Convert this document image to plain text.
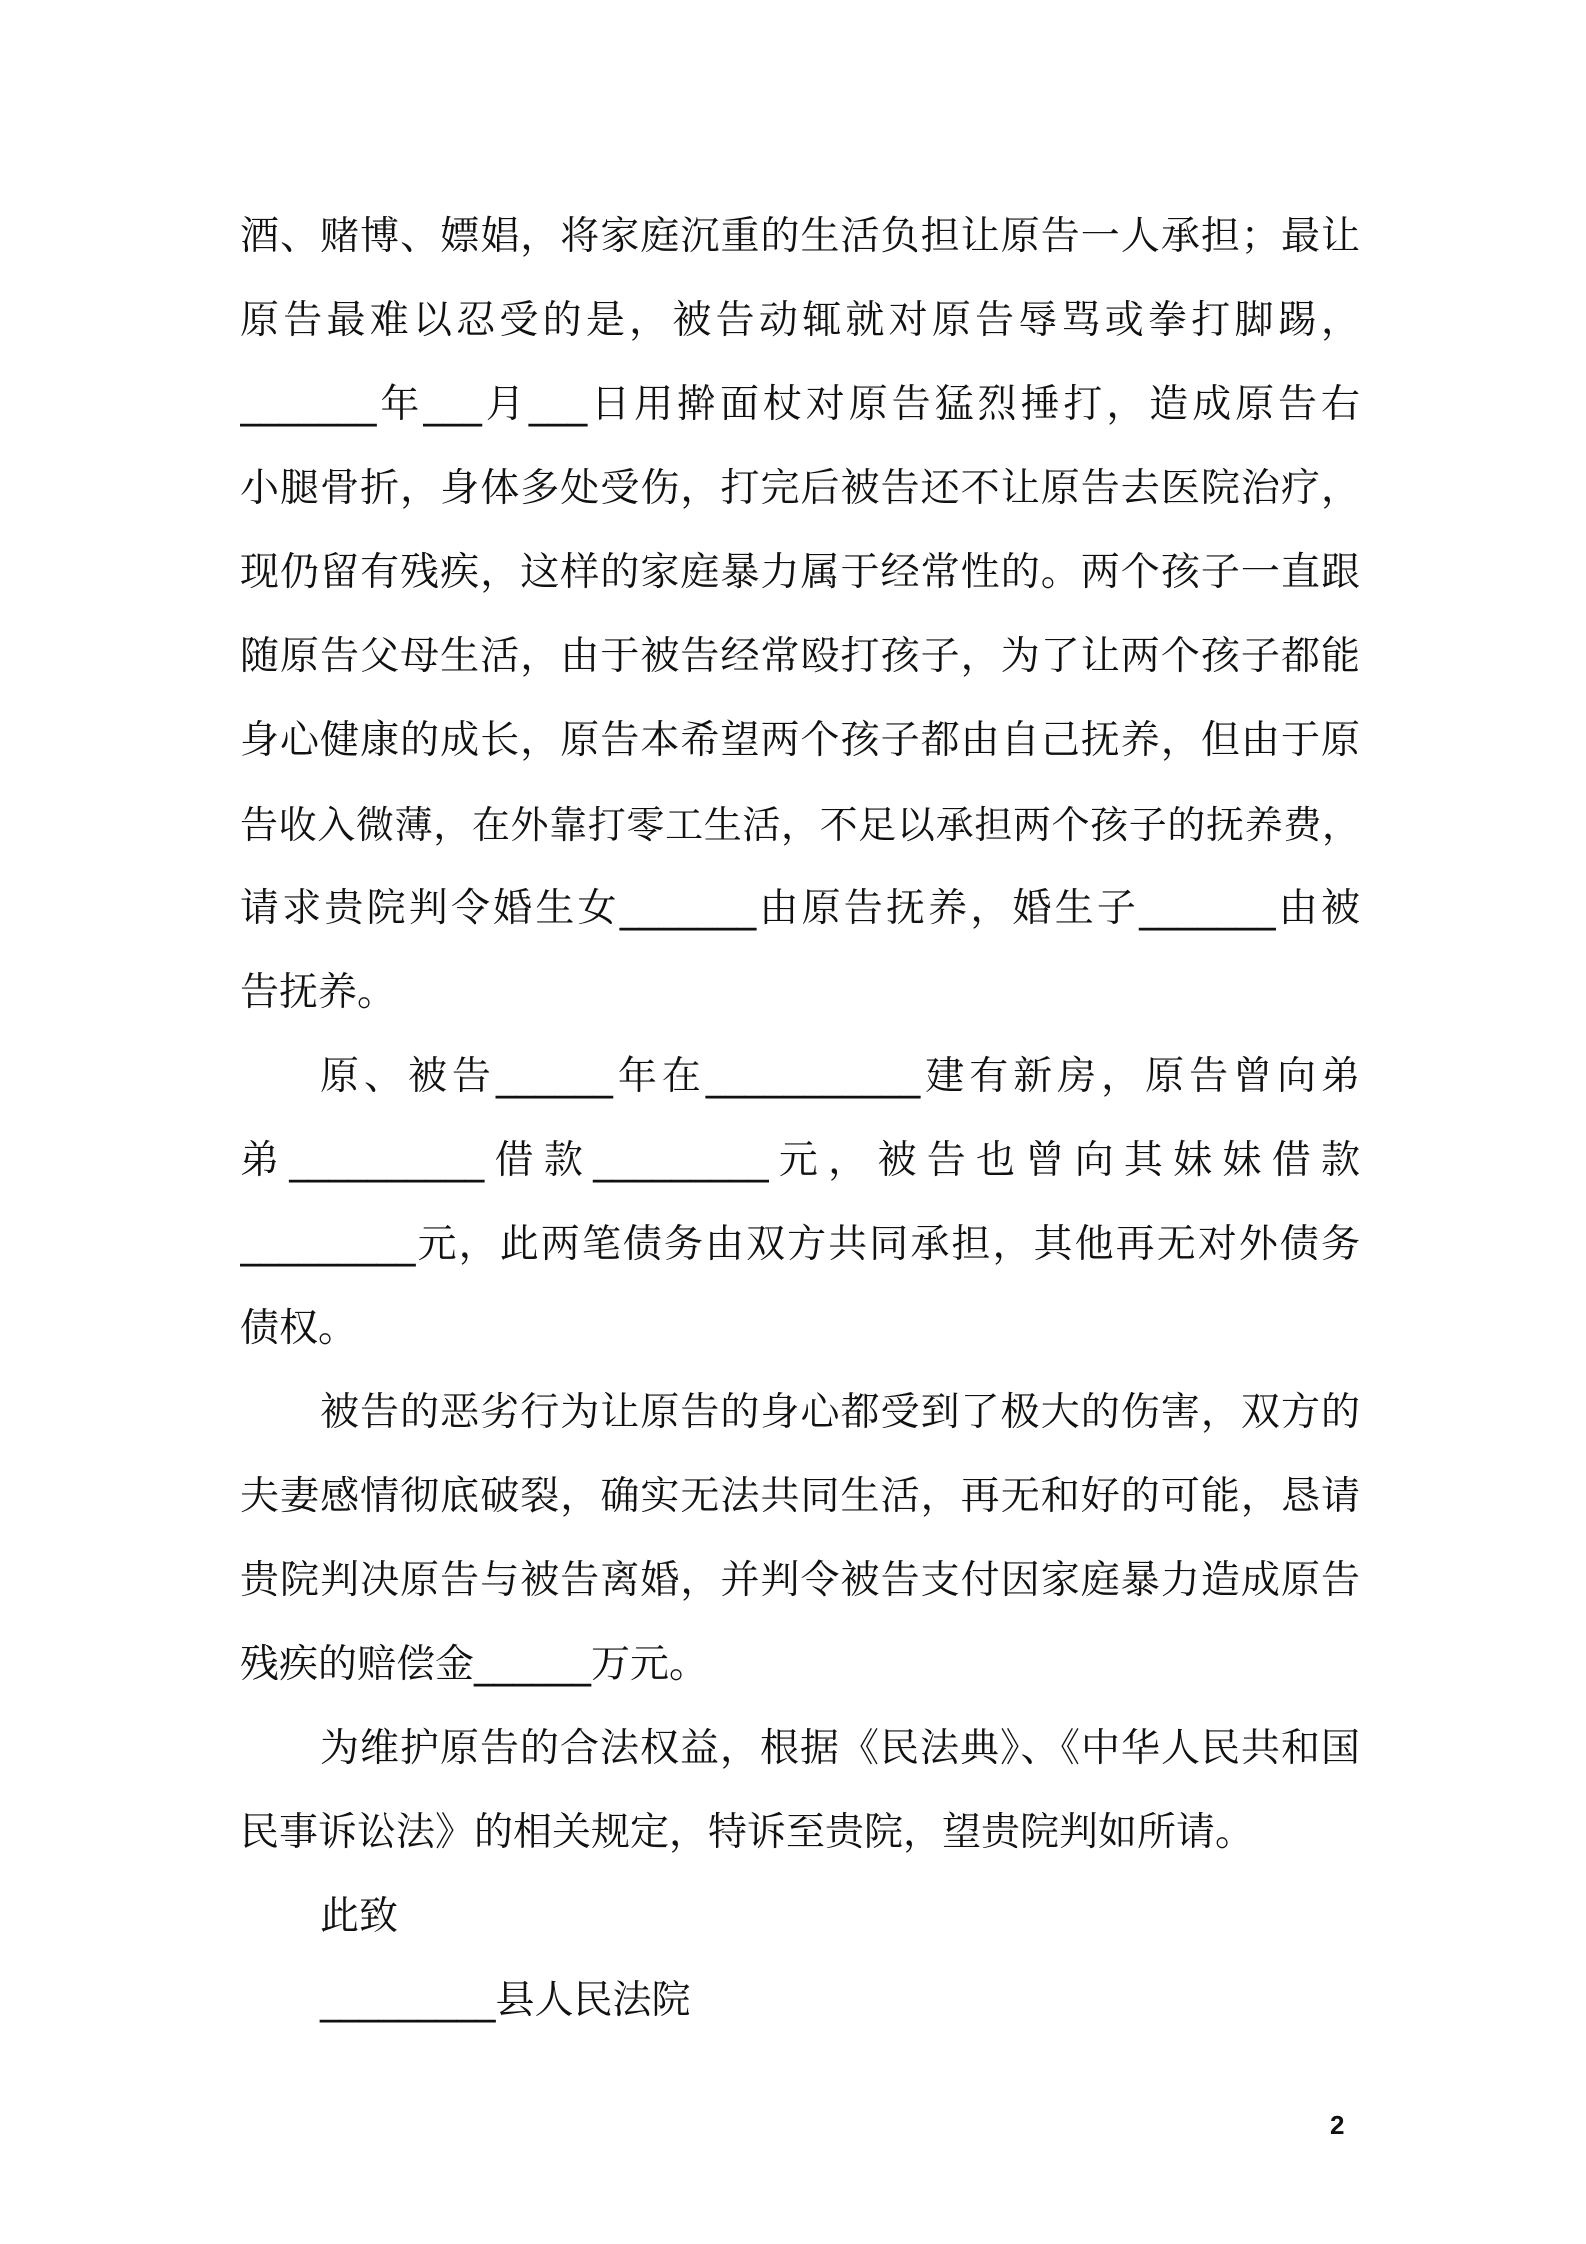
酒、赌博、嫖娼，将家庭沉重的生活负担让原告一人承担；最让
原告最难以忍受的是，被告动辄就对原告辱骂或拳打脚踢，
_______年___月___日用擀面杖对原告猛烈捶打，造成原告右
小腿骨折，身体多处受伤，打完后被告还不让原告去医院治疗，
现仍留有残疾，这样的家庭暴力属于经常性的。两个孩子一直跟
随原告父母生活，由于被告经常殴打孩子，为了让两个孩子都能
身心健康的成长，原告本希望两个孩子都由自己抚养，但由于原
告收入微薄，在外靠打零工生活，不足以承担两个孩子的抚养费，
请求贵院判令婚生女_______由原告抚养，婚生子_______由被
告抚养。
原、被告______年在___________建有新房，原告曾向弟
弟__________借款_________元，被告也曾向其妹妹借款
_________元，此两笔债务由双方共同承担，其他再无对外债务
债权。
被告的恶劣行为让原告的身心都受到了极大的伤害，双方的
夫妻感情彻底破裂，确实无法共同生活，再无和好的可能，恳请
贵院判决原告与被告离婚，并判令被告支付因家庭暴力造成原告
残疾的赔偿金______万元。
为维护原告的合法权益，根据《民法典》、《中华人民共和国
民事诉讼法》的相关规定，特诉至贵院，望贵院判如所请。
此致
_________县人民法院
2
